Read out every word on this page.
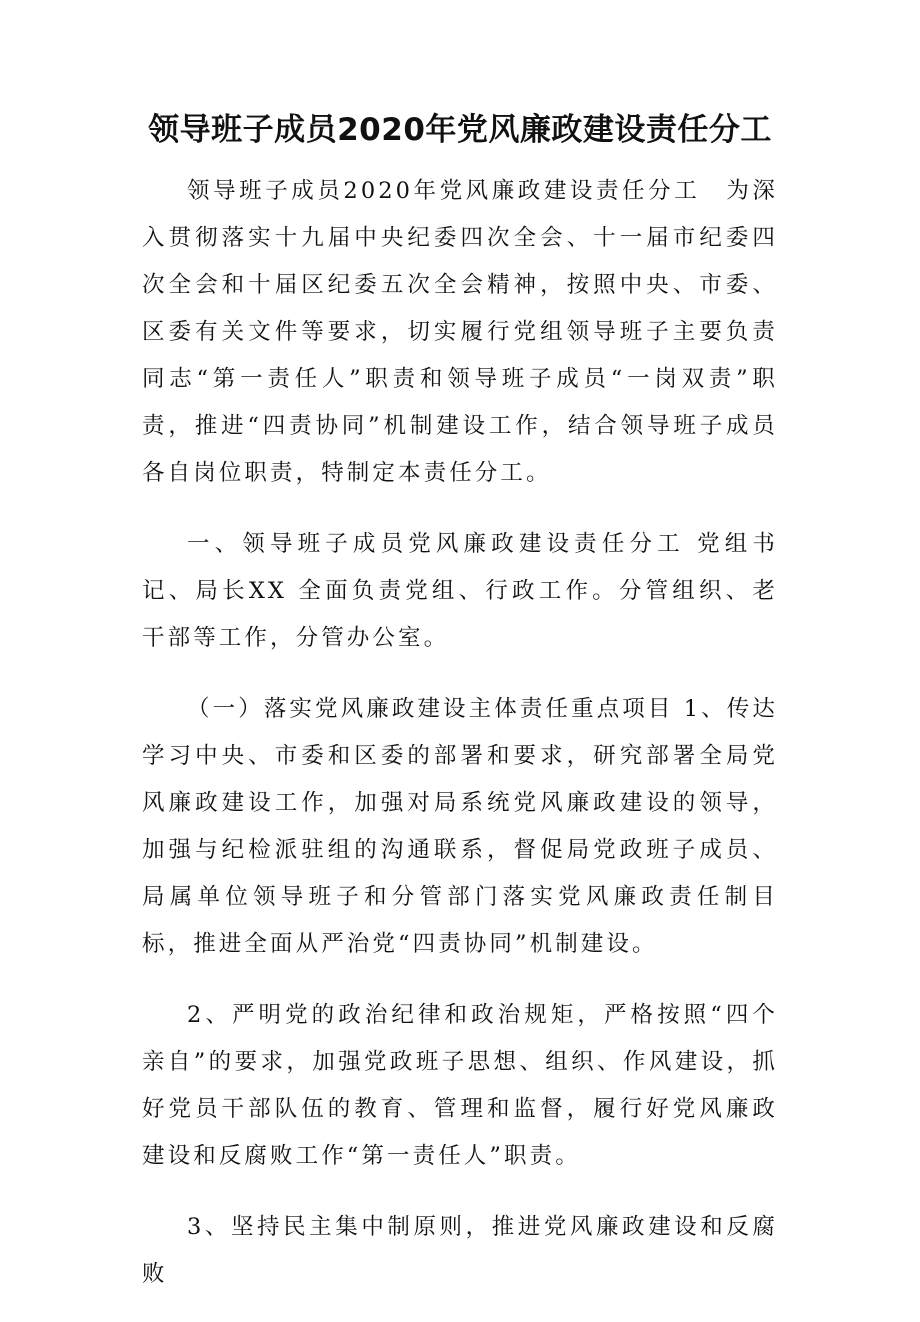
领导班子成员2020年党风廉政建设责任分工

领导班子成员2020年党风廉政建设责任分工　为深入贯彻落实十九届中央纪委四次全会、十一届市纪委四次全会和十届区纪委五次全会精神，按照中央、市委、区委有关文件等要求，切实履行党组领导班子主要负责同志“第一责任人”职责和领导班子成员“一岗双责”职责，推进“四责协同”机制建设工作，结合领导班子成员各自岗位职责，特制定本责任分工。

一、领导班子成员党风廉政建设责任分工 党组书记、局长XX 全面负责党组、行政工作。分管组织、老干部等工作，分管办公室。

（一）落实党风廉政建设主体责任重点项目 1、传达学习中央、市委和区委的部署和要求，研究部署全局党风廉政建设工作，加强对局系统党风廉政建设的领导，加强与纪检派驻组的沟通联系，督促局党政班子成员、局属单位领导班子和分管部门落实党风廉政责任制目标，推进全面从严治党“四责协同”机制建设。

2、严明党的政治纪律和政治规矩，严格按照“四个亲自”的要求，加强党政班子思想、组织、作风建设，抓好党员干部队伍的教育、管理和监督，履行好党风廉政建设和反腐败工作“第一责任人”职责。

3、坚持民主集中制原则，推进党风廉政建设和反腐败
